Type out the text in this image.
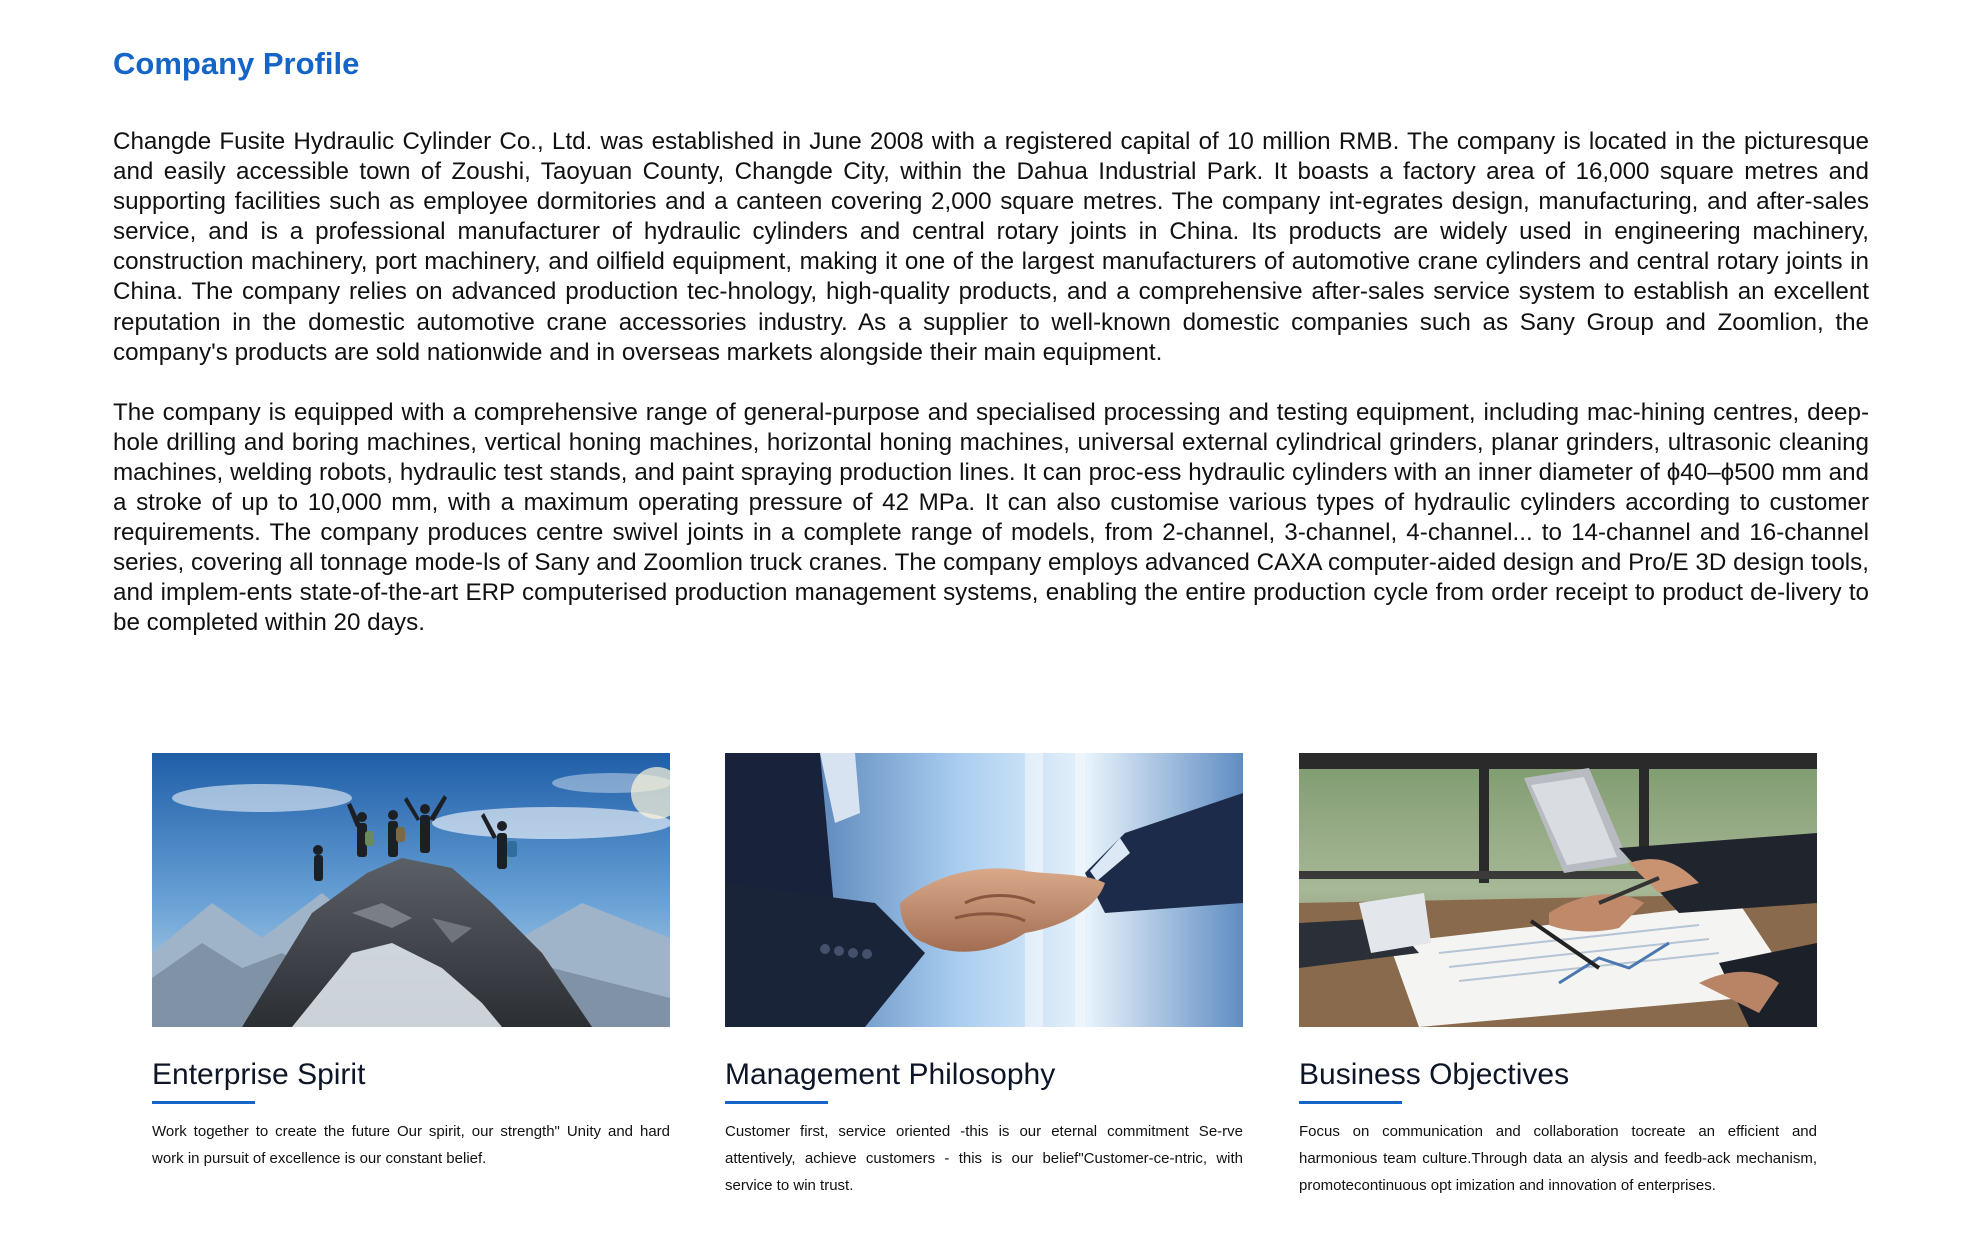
Company Profile

Changde Fusite Hydraulic Cylinder Co., Ltd. was established in June 2008 with a registered capital of 10 million RMB. The company is located in the picturesque and easily accessible town of Zoushi, Taoyuan County, Changde City, within the Dahua Industrial Park. It boasts a factory area of 16,000 square metres and supporting facilities such as employee dormitories and a canteen covering 2,000 square metres. The company int-egrates design, manufacturing, and after-sales service, and is a professional manufacturer of hydraulic cylinders and central rotary joints in China. Its products are widely used in engineering machinery, construction machinery, port machinery, and oilfield equipment, making it one of the largest manufacturers of automotive crane cylinders and central rotary joints in China. The company relies on advanced production tec-hnology, high-quality products, and a comprehensive after-sales service system to establish an excellent reputation in the domestic automotive crane accessories industry. As a supplier to well-known domestic companies such as Sany Group and Zoomlion, the company's products are sold nationwide and in overseas markets alongside their main equipment.

The company is equipped with a comprehensive range of general-purpose and specialised processing and testing equipment, including mac-hining centres, deep-hole drilling and boring machines, vertical honing machines, horizontal honing machines, universal external cylindrical grinders, planar grinders, ultrasonic cleaning machines, welding robots, hydraulic test stands, and paint spraying production lines. It can proc-ess hydraulic cylinders with an inner diameter of ϕ40–ϕ500 mm and a stroke of up to 10,000 mm, with a maximum operating pressure of 42 MPa. It can also customise various types of hydraulic cylinders according to customer requirements. The company produces centre swivel joints in a complete range of models, from 2-channel, 3-channel, 4-channel... to 14-channel and 16-channel series, covering all tonnage mode-ls of Sany and Zoomlion truck cranes. The company employs advanced CAXA computer-aided design and Pro/E 3D design tools, and implem-ents state-of-the-art ERP computerised production management systems, enabling the entire production cycle from order receipt to product de-livery to be completed within 20 days.

Enterprise Spirit

Work together to create the future Our spirit, our strength" Unity and hard work in pursuit of excellence is our constant belief.

Management Philosophy

Customer first, service oriented -this is our eternal commitment Se-rve attentively, achieve customers - this is our belief"Customer-ce-ntric, with service to win trust.

Business Objectives

Focus on communication and collaboration tocreate an efficient and harmonious team culture.Through data an alysis and feedb-ack mechanism, promotecontinuous opt imization and innovation of enterprises.
